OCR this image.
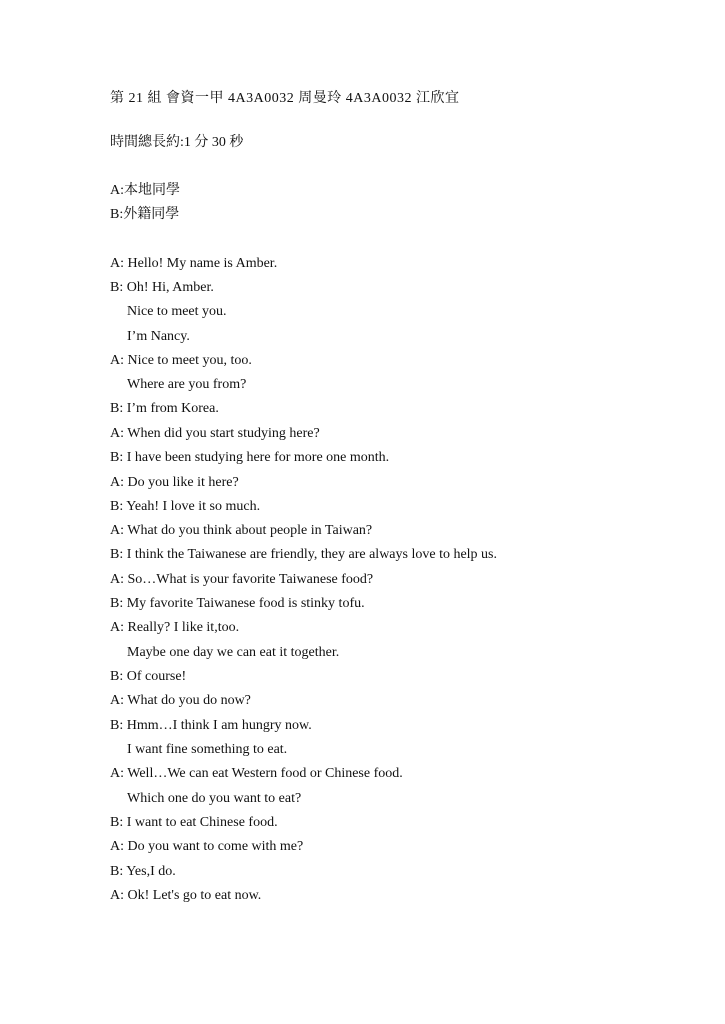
第 21 組 會資一甲 4A3A0032 周曼玲 4A3A0032 江欣宜
時間總長約:1 分 30 秒
A:本地同學
B:外籍同學
A: Hello! My name is Amber.
B: Oh! Hi, Amber.
Nice to meet you.
I’m Nancy.
A: Nice to meet you, too.
Where are you from?
B: I’m from Korea.
A: When did you start studying here?
B: I have been studying here for more one month.
A: Do you like it here?
B: Yeah! I love it so much.
A: What do you think about people in Taiwan?
B: I think the Taiwanese are friendly, they are always love to help us.
A: So…What is your favorite Taiwanese food?
B: My favorite Taiwanese food is stinky tofu.
A: Really? I like it,too.
Maybe one day we can eat it together.
B: Of course!
A: What do you do now?
B: Hmm…I think I am hungry now.
I want fine something to eat.
A: Well…We can eat Western food or Chinese food.
Which one do you want to eat?
B: I want to eat Chinese food.
A: Do you want to come with me?
B: Yes,I do.
A: Ok! Let's go to eat now.
